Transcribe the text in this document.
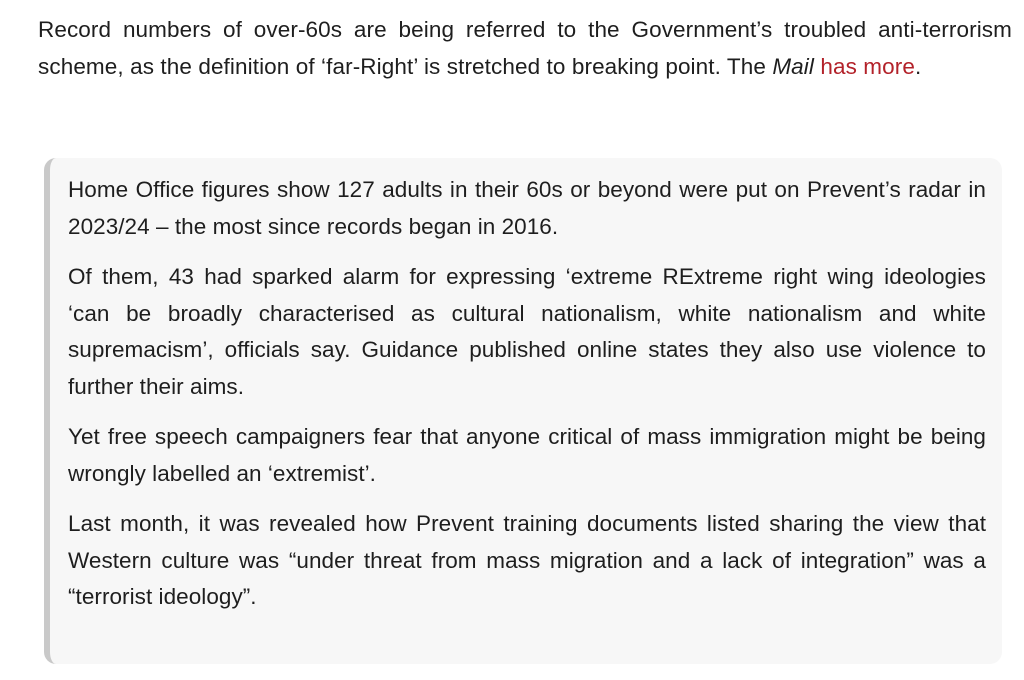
Record numbers of over-60s are being referred to the Government’s troubled anti-terrorism scheme, as the definition of ‘far-Right’ is stretched to breaking point. The Mail has more.

Home Office figures show 127 adults in their 60s or beyond were put on Prevent’s radar in 2023/24 – the most since records began in 2016.

Of them, 43 had sparked alarm for expressing ‘extreme RExtreme right wing ideologies ‘can be broadly characterised as cultural nationalism, white nationalism and white supremacism’, officials say. Guidance published online states they also use violence to further their aims.

Yet free speech campaigners fear that anyone critical of mass immigration might be being wrongly labelled an ‘extremist’.

Last month, it was revealed how Prevent training documents listed sharing the view that Western culture was “under threat from mass migration and a lack of integration” was a “terrorist ideology”.
